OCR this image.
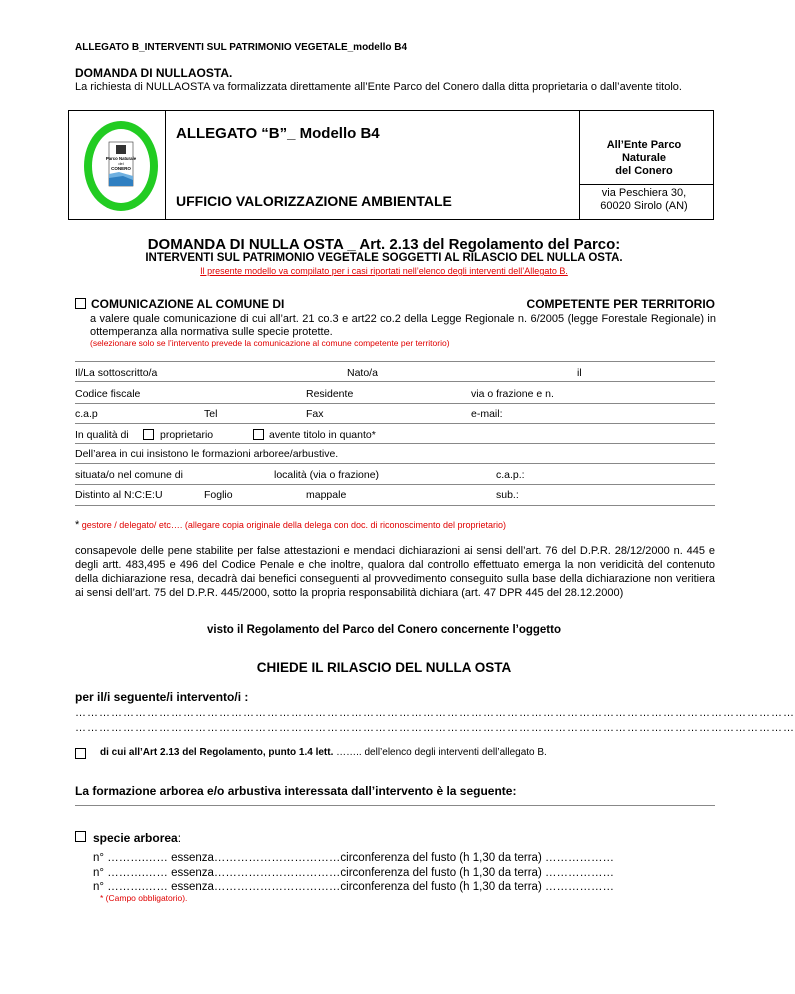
ALLEGATO B_INTERVENTI SUL PATRIMONIO VEGETALE_modello B4
DOMANDA DI NULLAOSTA.
La richiesta di NULLAOSTA va formalizzata direttamente all’Ente Parco del Conero dalla ditta proprietaria o dall’avente titolo.
Parco Naturale
del
CONERO
ALLEGATO “B”_ Modello B4
UFFICIO VALORIZZAZIONE AMBIENTALE
All’Ente Parco
Naturale
del Conero
via Peschiera 30,
60020 Sirolo (AN)
DOMANDA DI NULLA OSTA _ Art. 2.13 del Regolamento del Parco:
INTERVENTI SUL PATRIMONIO VEGETALE SOGGETTI AL RILASCIO DEL NULLA OSTA.
Il presente modello va compilato per i casi riportati nell’elenco degli interventi dell’Allegato B.
COMUNICAZIONE AL COMUNE DI	COMPETENTE PER TERRITORIO
a valere quale comunicazione di cui all’art. 21 co.3 e art22 co.2 della Legge Regionale n. 6/2005 (legge Forestale Regionale) in ottemperanza alla normativa sulle specie protette.
(selezionare solo se l’intervento prevede la comunicazione al comune competente per territorio)
Il/La sottoscritto/a	Nato/a	il
Codice fiscale	Residente	via o frazione e n.
c.a.p	Tel	Fax	e-mail:
In qualità di	proprietario	avente titolo in quanto*
Dell’area in cui insistono le formazioni arboree/arbustive.
situata/o nel comune di	località (via o frazione)	c.a.p.:
Distinto al N:C:E:U	Foglio	mappale	sub.:
* gestore / delegato/ etc…. (allegare copia originale della delega con doc. di riconoscimento del proprietario)
consapevole delle pene stabilite per false attestazioni e mendaci dichiarazioni ai sensi dell’art. 76 del D.P.R. 28/12/2000 n. 445 e degli artt. 483,495 e 496 del Codice Penale e che inoltre, qualora dal controllo effettuato emerga la non veridicità del contenuto della dichiarazione resa, decadrà dai benefici conseguenti al provvedimento conseguito sulla base della dichiarazione non veritiera ai sensi dell’art. 75 del D.P.R. 445/2000, sotto la propria responsabilità dichiara (art. 47 DPR 445 del 28.12.2000)
visto il Regolamento del Parco del Conero concernente l’oggetto
CHIEDE IL RILASCIO DEL NULLA OSTA
per il/i seguente/i intervento/i :
………………………………………………………………………………………………………………………………………………………………
………………………………………………………………………………………………………………………………………………………………
di cui all’Art 2.13 del Regolamento, punto 1.4 lett. …….. dell’elenco degli interventi dell’allegato B.
La formazione arborea e/o arbustiva interessata dall’intervento è la seguente:
specie arborea:
n° ……….…… essenza……………………………circonferenza del fusto (h 1,30 da terra) ………………
n° ……….…… essenza……………………………circonferenza del fusto (h 1,30 da terra) ………………
n° ……….…… essenza……………………………circonferenza del fusto (h 1,30 da terra) ………………
* (Campo obbligatorio).
